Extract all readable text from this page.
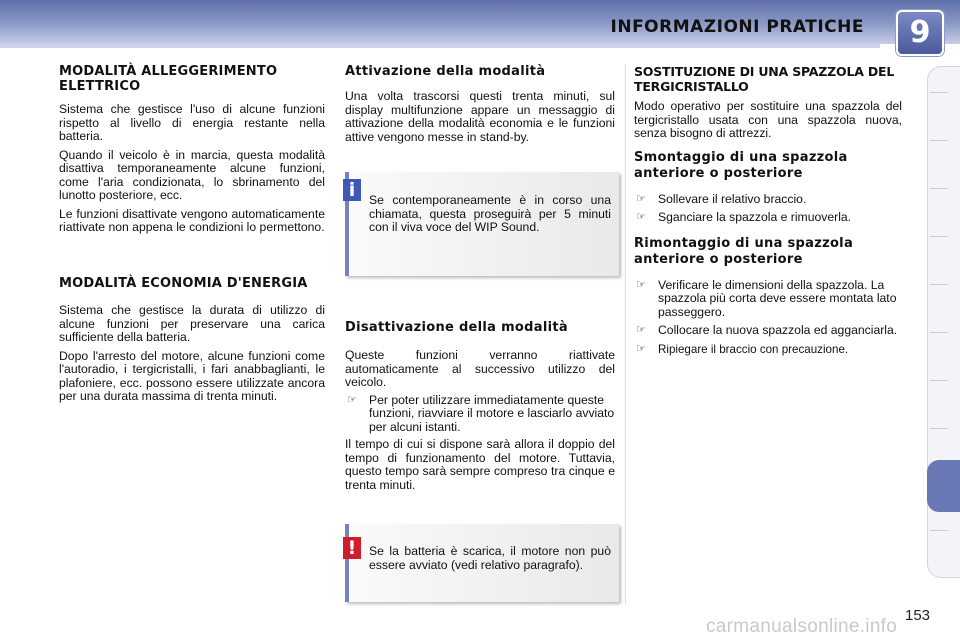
INFORMAZIONI PRATICHE	9
MODALITÀ ALLEGGERIMENTO ELETTRICO

Sistema che gestisce l'uso di alcune funzioni rispetto al livello di energia restante nella batteria.

Quando il veicolo è in marcia, questa modalità disattiva temporaneamente alcune funzioni, come l'aria condizionata, lo sbrinamento del lunotto posteriore, ecc.

Le funzioni disattivate vengono automaticamente riattivate non appena le condizioni lo permettono.

MODALITÀ ECONOMIA D'ENERGIA

Sistema che gestisce la durata di utilizzo di alcune funzioni per preservare una carica sufficiente della batteria.

Dopo l'arresto del motore, alcune funzioni come l'autoradio, i tergicristalli, i fari anabbaglianti, le plafoniere, ecc. possono essere utilizzate ancora per una durata massima di trenta minuti.

Attivazione della modalità

Una volta trascorsi questi trenta minuti, sul display multifunzione appare un messaggio di attivazione della modalità economia e le funzioni attive vengono messe in stand-by.

Se contemporaneamente è in corso una chiamata, questa proseguirà per 5 minuti con il viva voce del WIP Sound.

i
Disattivazione della modalità

Queste funzioni verranno riattivate automaticamente al successivo utilizzo del veicolo.

☞ Per poter utilizzare immediatamente queste funzioni, riavviare il motore e lasciarlo avviato per alcuni istanti.

Il tempo di cui si dispone sarà allora il doppio del tempo di funzionamento del motore. Tuttavia, questo tempo sarà sempre compreso tra cinque e trenta minuti.

Se la batteria è scarica, il motore non può essere avviato (vedi relativo paragrafo).

!
SOSTITUZIONE DI UNA SPAZZOLA DEL TERGICRISTALLO

Modo operativo per sostituire una spazzola del tergicristallo usata con una spazzola nuova, senza bisogno di attrezzi.

Smontaggio di una spazzola anteriore o posteriore
☞ Sollevare il relativo braccio.
☞ Sganciare la spazzola e rimuoverla.
Rimontaggio di una spazzola anteriore o posteriore
☞ Verificare le dimensioni della spazzola. La spazzola più corta deve essere montata lato passeggero.
☞ Collocare la nuova spazzola ed agganciarla.
☞ Ripiegare il braccio con precauzione.
153
carmanualsonline.info
